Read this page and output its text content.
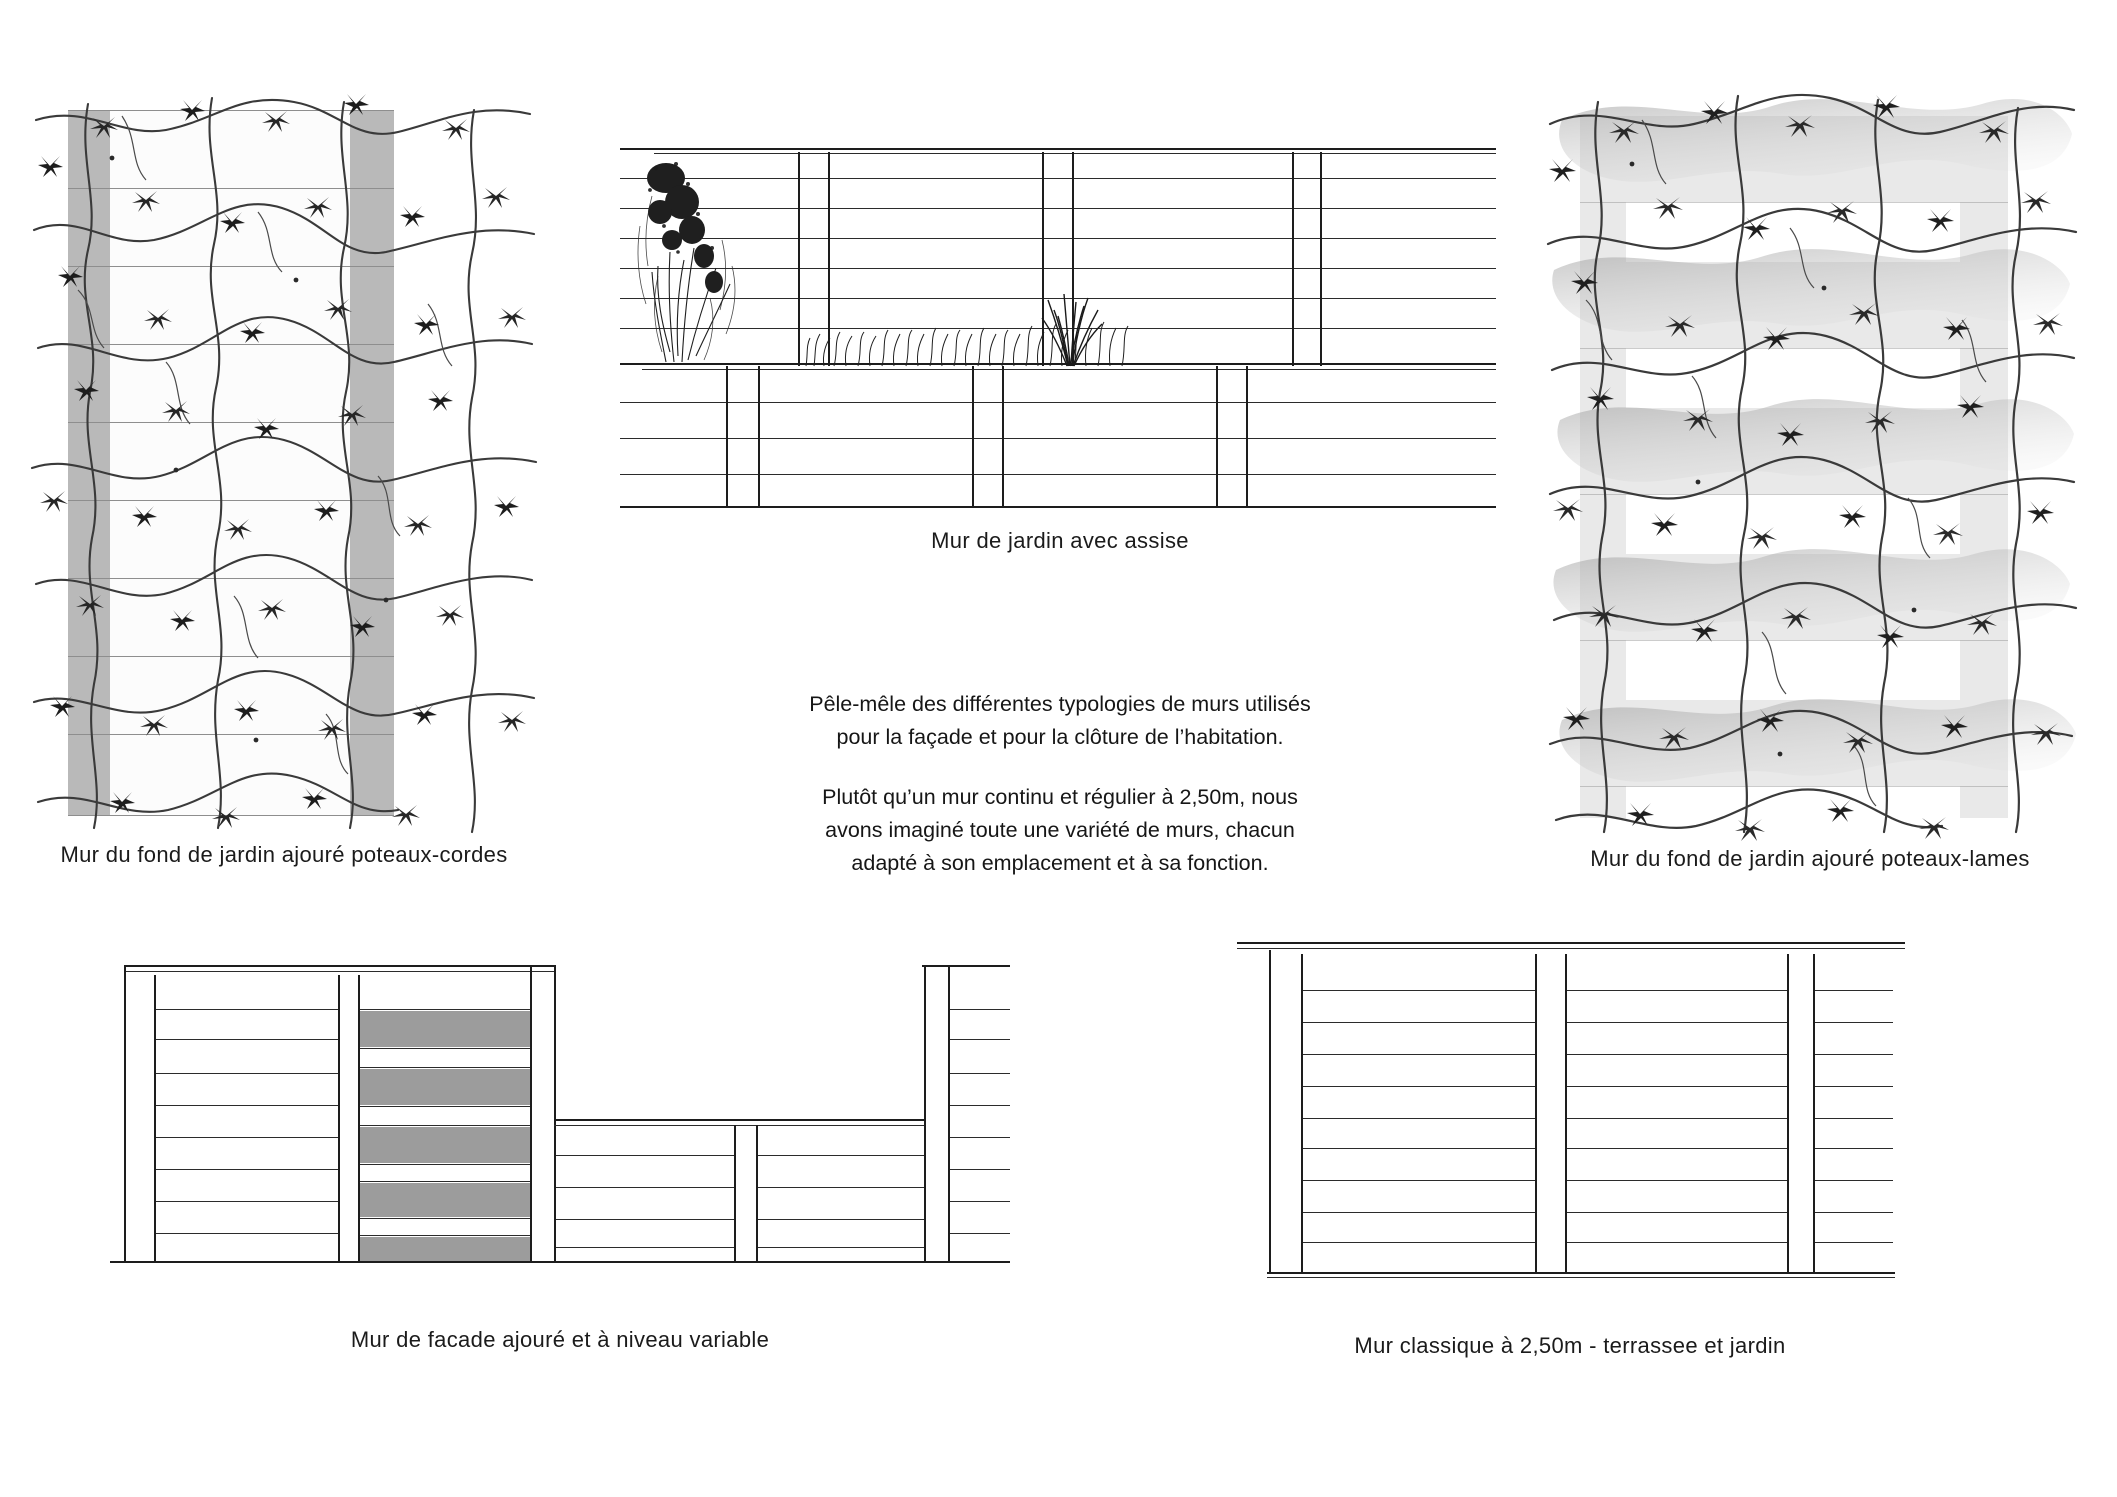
Mur du fond de jardin ajouré poteaux-cordes
Mur de jardin avec assise

Pêle-mêle des différentes typologies de murs utilisés

pour la façade et pour la clôture de l’habitation.

Plutôt qu’un mur continu et régulier à 2,50m, nous

avons imaginé toute une variété de murs, chacun

adapté à son emplacement et à sa fonction.	Mur du fond de jardin ajouré poteaux-lames
Mur de facade ajouré et à niveau variable	Mur classique à 2,50m - terrassee et jardin
